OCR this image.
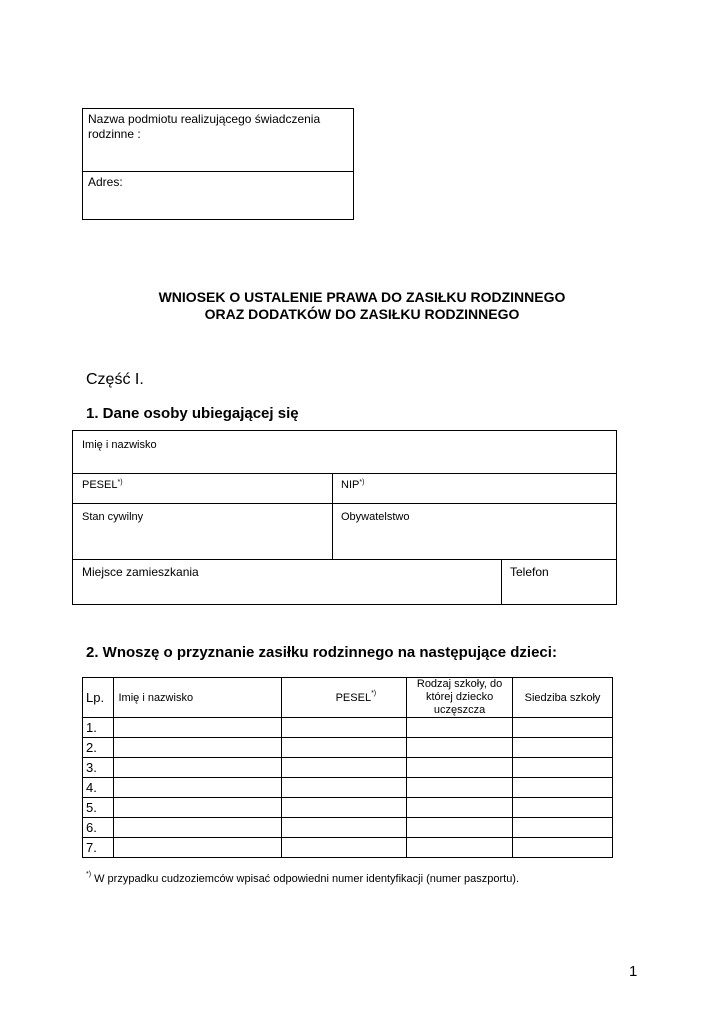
Nazwa podmiotu realizującego świadczenia rodzinne :
Adres:
WNIOSEK O USTALENIE PRAWA DO ZASIŁKU RODZINNEGO
ORAZ DODATKÓW DO ZASIŁKU RODZINNEGO
Część I.
1. Dane osoby ubiegającej się
Imię i nazwisko
PESEL*)	NIP*)
Stan cywilny	Obywatelstwo
Miejsce zamieszkania	Telefon
2. Wnoszę o przyznanie zasiłku rodzinnego na następujące dzieci:
Lp.	Imię i nazwisko	PESEL*)	Rodzaj szkoły, do której dziecko uczęszcza	Siedziba szkoły
1.				
2.				
3.				
4.				
5.				
6.				
7.				
*) W przypadku cudzoziemców wpisać odpowiedni numer identyfikacji (numer paszportu).
1
